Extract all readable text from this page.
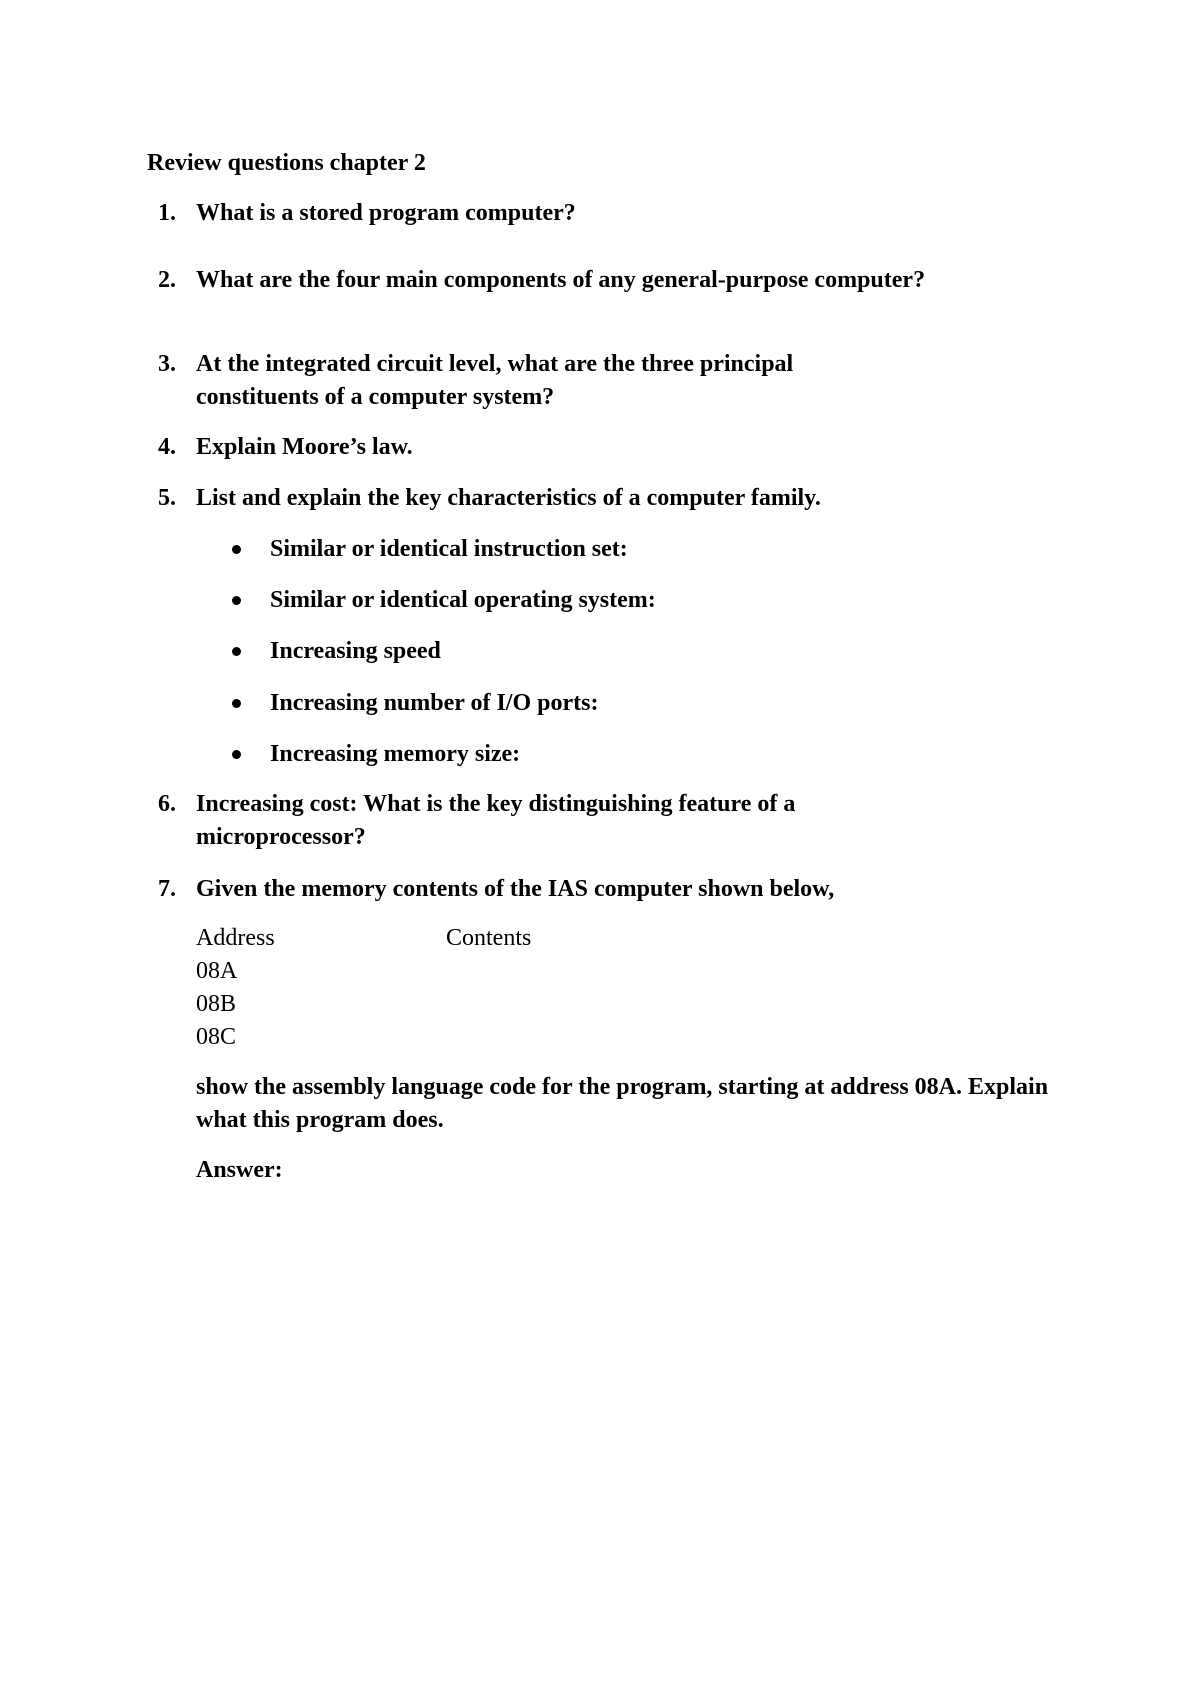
Review questions chapter 2
1. What is a stored program computer?
2. What are the four main components of any general-purpose computer?
3. At the integrated circuit level, what are the three principal constituents of a computer system?
4. Explain Moore’s law.
5. List and explain the key characteristics of a computer family.
Similar or identical instruction set:
Similar or identical operating system:
Increasing speed
Increasing number of I/O ports:
Increasing memory size:
6. Increasing cost: What is the key distinguishing feature of a microprocessor?
7. Given the memory contents of the IAS computer shown below,
Address	Contents
08A
08B
08C
show the assembly language code for the program, starting at address 08A. Explain what this program does.
Answer:
